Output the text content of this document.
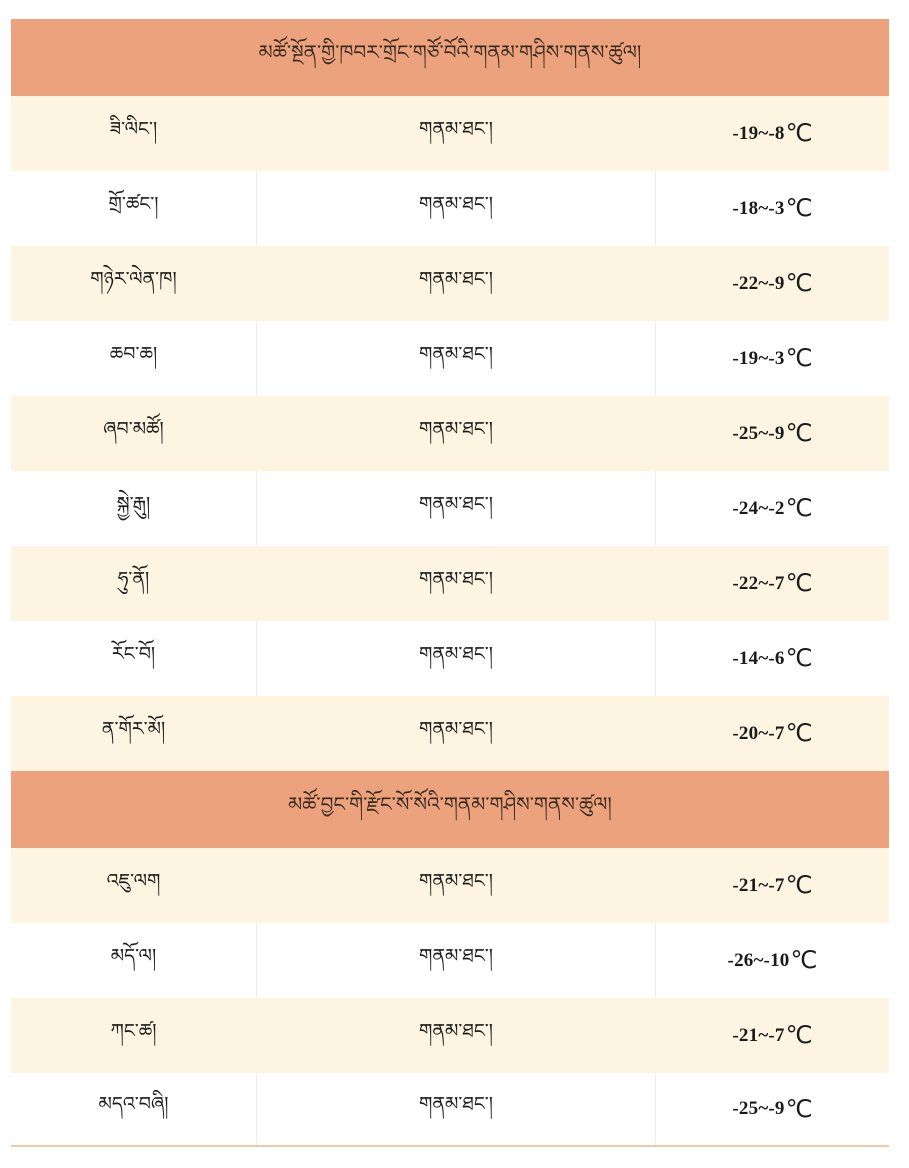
མཚོ་སྔོན་གྱི་ཁབར་གྲོང་གཙོ་བོའི་གནམ་གཤིས་གནས་ཚུལ།
ཟི་ལིང་།	གནམ་ཐང་།	-19~-8 ℃
གྲོ་ཚང་།	གནམ་ཐང་།	-18~-3 ℃
གཉེར་ལེན་ཁ།	གནམ་ཐང་།	-22~-9 ℃
ཆབ་ཆ།	གནམ་ཐང་།	-19~-3 ℃
ཞབ་མཚོ།	གནམ་ཐང་།	-25~-9 ℃
སྐྱེ་རྒུ།	གནམ་ཐང་།	-24~-2 ℃
ཧུ་ནོ།	གནམ་ཐང་།	-22~-7 ℃
རོང་བོ།	གནམ་ཐང་།	-14~-6 ℃
ན་གོར་མོ།	གནམ་ཐང་།	-20~-7 ℃
མཚོ་བྱང་གི་རྫོང་སོ་སོའི་གནམ་གཤིས་གནས་ཚུལ།
འཇུ་ལག	གནམ་ཐང་།	-21~-7 ℃
མདོ་ལ།	གནམ་ཐང་།	-26~-10 ℃
ཀང་ཚ།	གནམ་ཐང་།	-21~-7 ℃
མདའ་བཞི།	གནམ་ཐང་།	-25~-9 ℃
